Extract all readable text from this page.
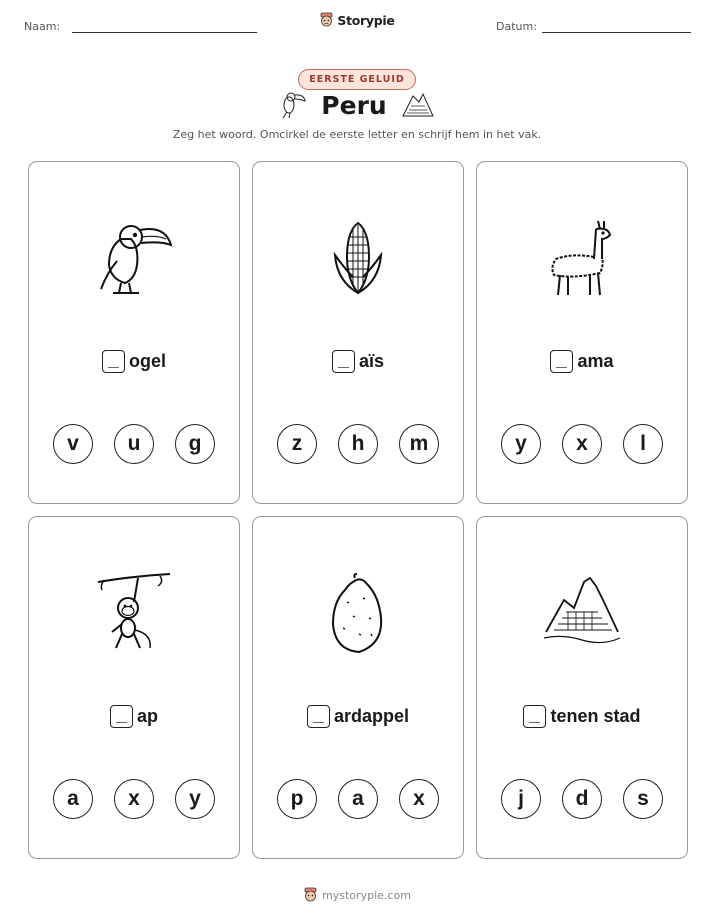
Naam:	Datum:
Storypie
EERSTE GELUID
Peru
Zeg het woord. Omcirkel de eerste letter en schrijf hem in het vak.
ogel
v	u	g
aïs
z	h	m
ama
y	x	l
ap
a	x	y
ardappel
p	a	x
tenen stad
j	d	s
mystorypie.com
